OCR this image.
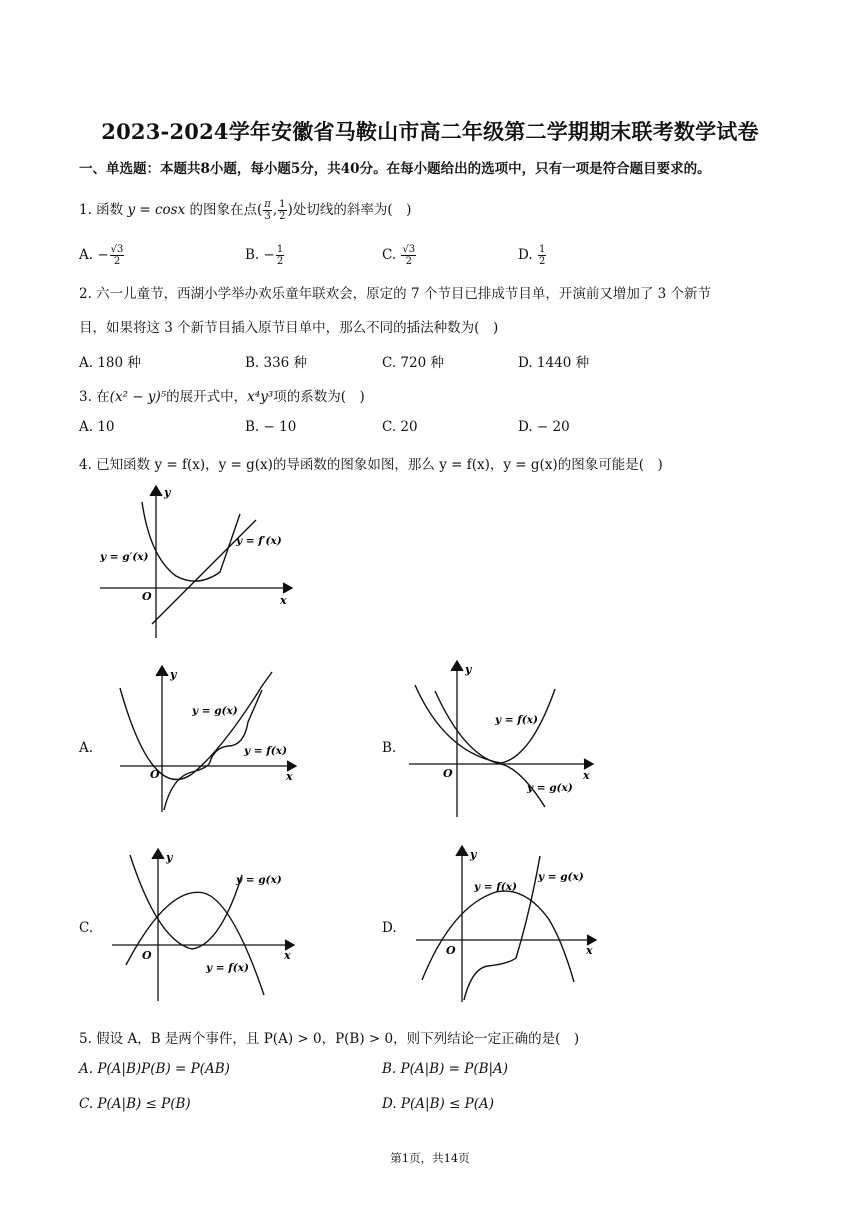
2023-2024学年安徽省马鞍山市高二年级第二学期期末联考数学试卷
一、单选题：本题共8小题，每小题5分，共40分。在每小题给出的选项中，只有一项是符合题目要求的。
1. 函数 y = cosx 的图象在点( $\frac{\pi}{3}$ , $\frac{1}{2}$ )处切线的斜率为(　)
A. − $\frac{√3}{2}$	B. − $\frac{1}{2}$	C. $\frac{√3}{2}$	D. $\frac{1}{2}$
2. 六一儿童节，西湖小学举办欢乐童年联欢会，原定的 7 个节目已排成节目单，开演前又增加了 3 个新节
目，如果将这 3 个新节目插入原节目单中，那么不同的插法种数为(　)
A. 180 种	B. 336 种	C. 720 种	D. 1440 种
3. 在(x² − y)⁵的展开式中，x⁴y³项的系数为(　)
A. 10	B. − 10	C. 20	D. − 20
4. 已知函数 y = f(x)，y = g(x)的导函数的图象如图，那么 y = f(x)，y = g(x)的图象可能是(　)
y
x
O
y = g′(x)
y = f′(x)
A.
y
x
O
y = g(x)
y = f(x)	B.
y
x
O
y = f(x)
y = g(x)
C.
y
x
O
y = g(x)
y = f(x)
D.
y
x
O
y = f(x)
y = g(x)
5. 假设 A，B 是两个事件，且 P(A) > 0，P(B) > 0，则下列结论一定正确的是(　)
A. P(A|B)P(B) = P(AB)	B. P(A|B) = P(B|A)
C. P(A|B) ≤ P(B)	D. P(A|B) ≤ P(A)
第1页，共14页
